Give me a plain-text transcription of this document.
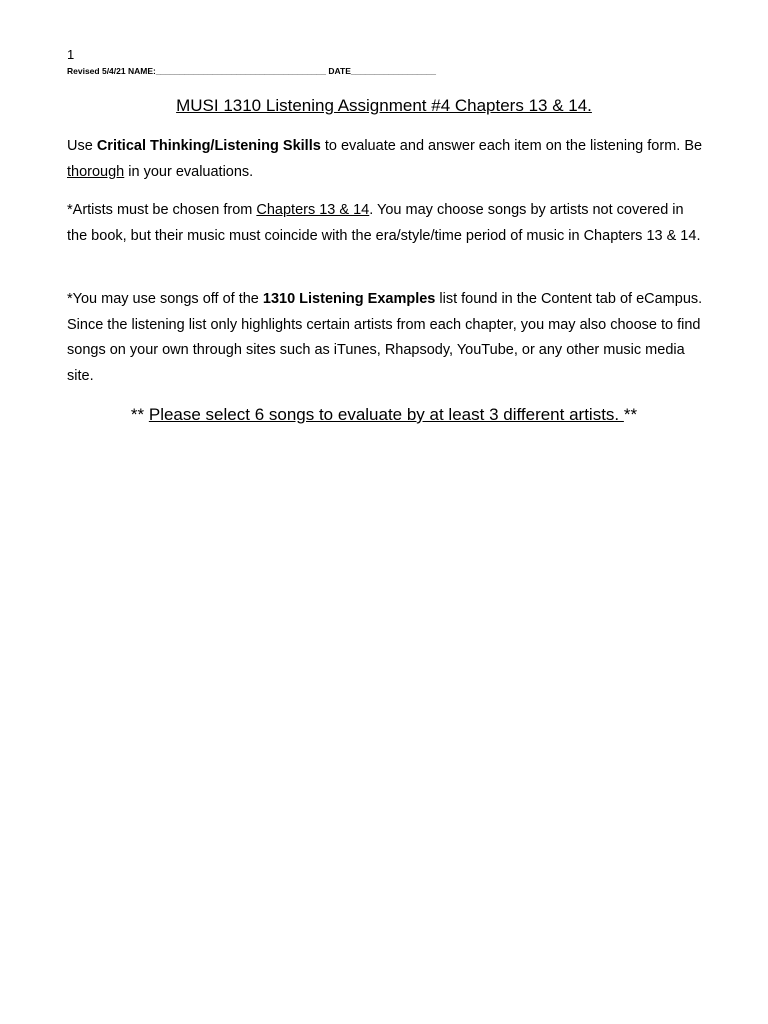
1
Revised 5/4/21 NAME:____________________________________ DATE__________________
MUSI 1310 Listening Assignment #4 Chapters 13 & 14.
Use Critical Thinking/Listening Skills to evaluate and answer each item on the listening form. Be thorough in your evaluations.
*Artists must be chosen from Chapters 13 & 14. You may choose songs by artists not covered in the book, but their music must coincide with the era/style/time period of music in Chapters 13 & 14.
*You may use songs off of the 1310 Listening Examples list found in the Content tab of eCampus. Since the listening list only highlights certain artists from each chapter, you may also choose to find songs on your own through sites such as iTunes, Rhapsody, YouTube, or any other music media site.
** Please select 6 songs to evaluate by at least 3 different artists. **
